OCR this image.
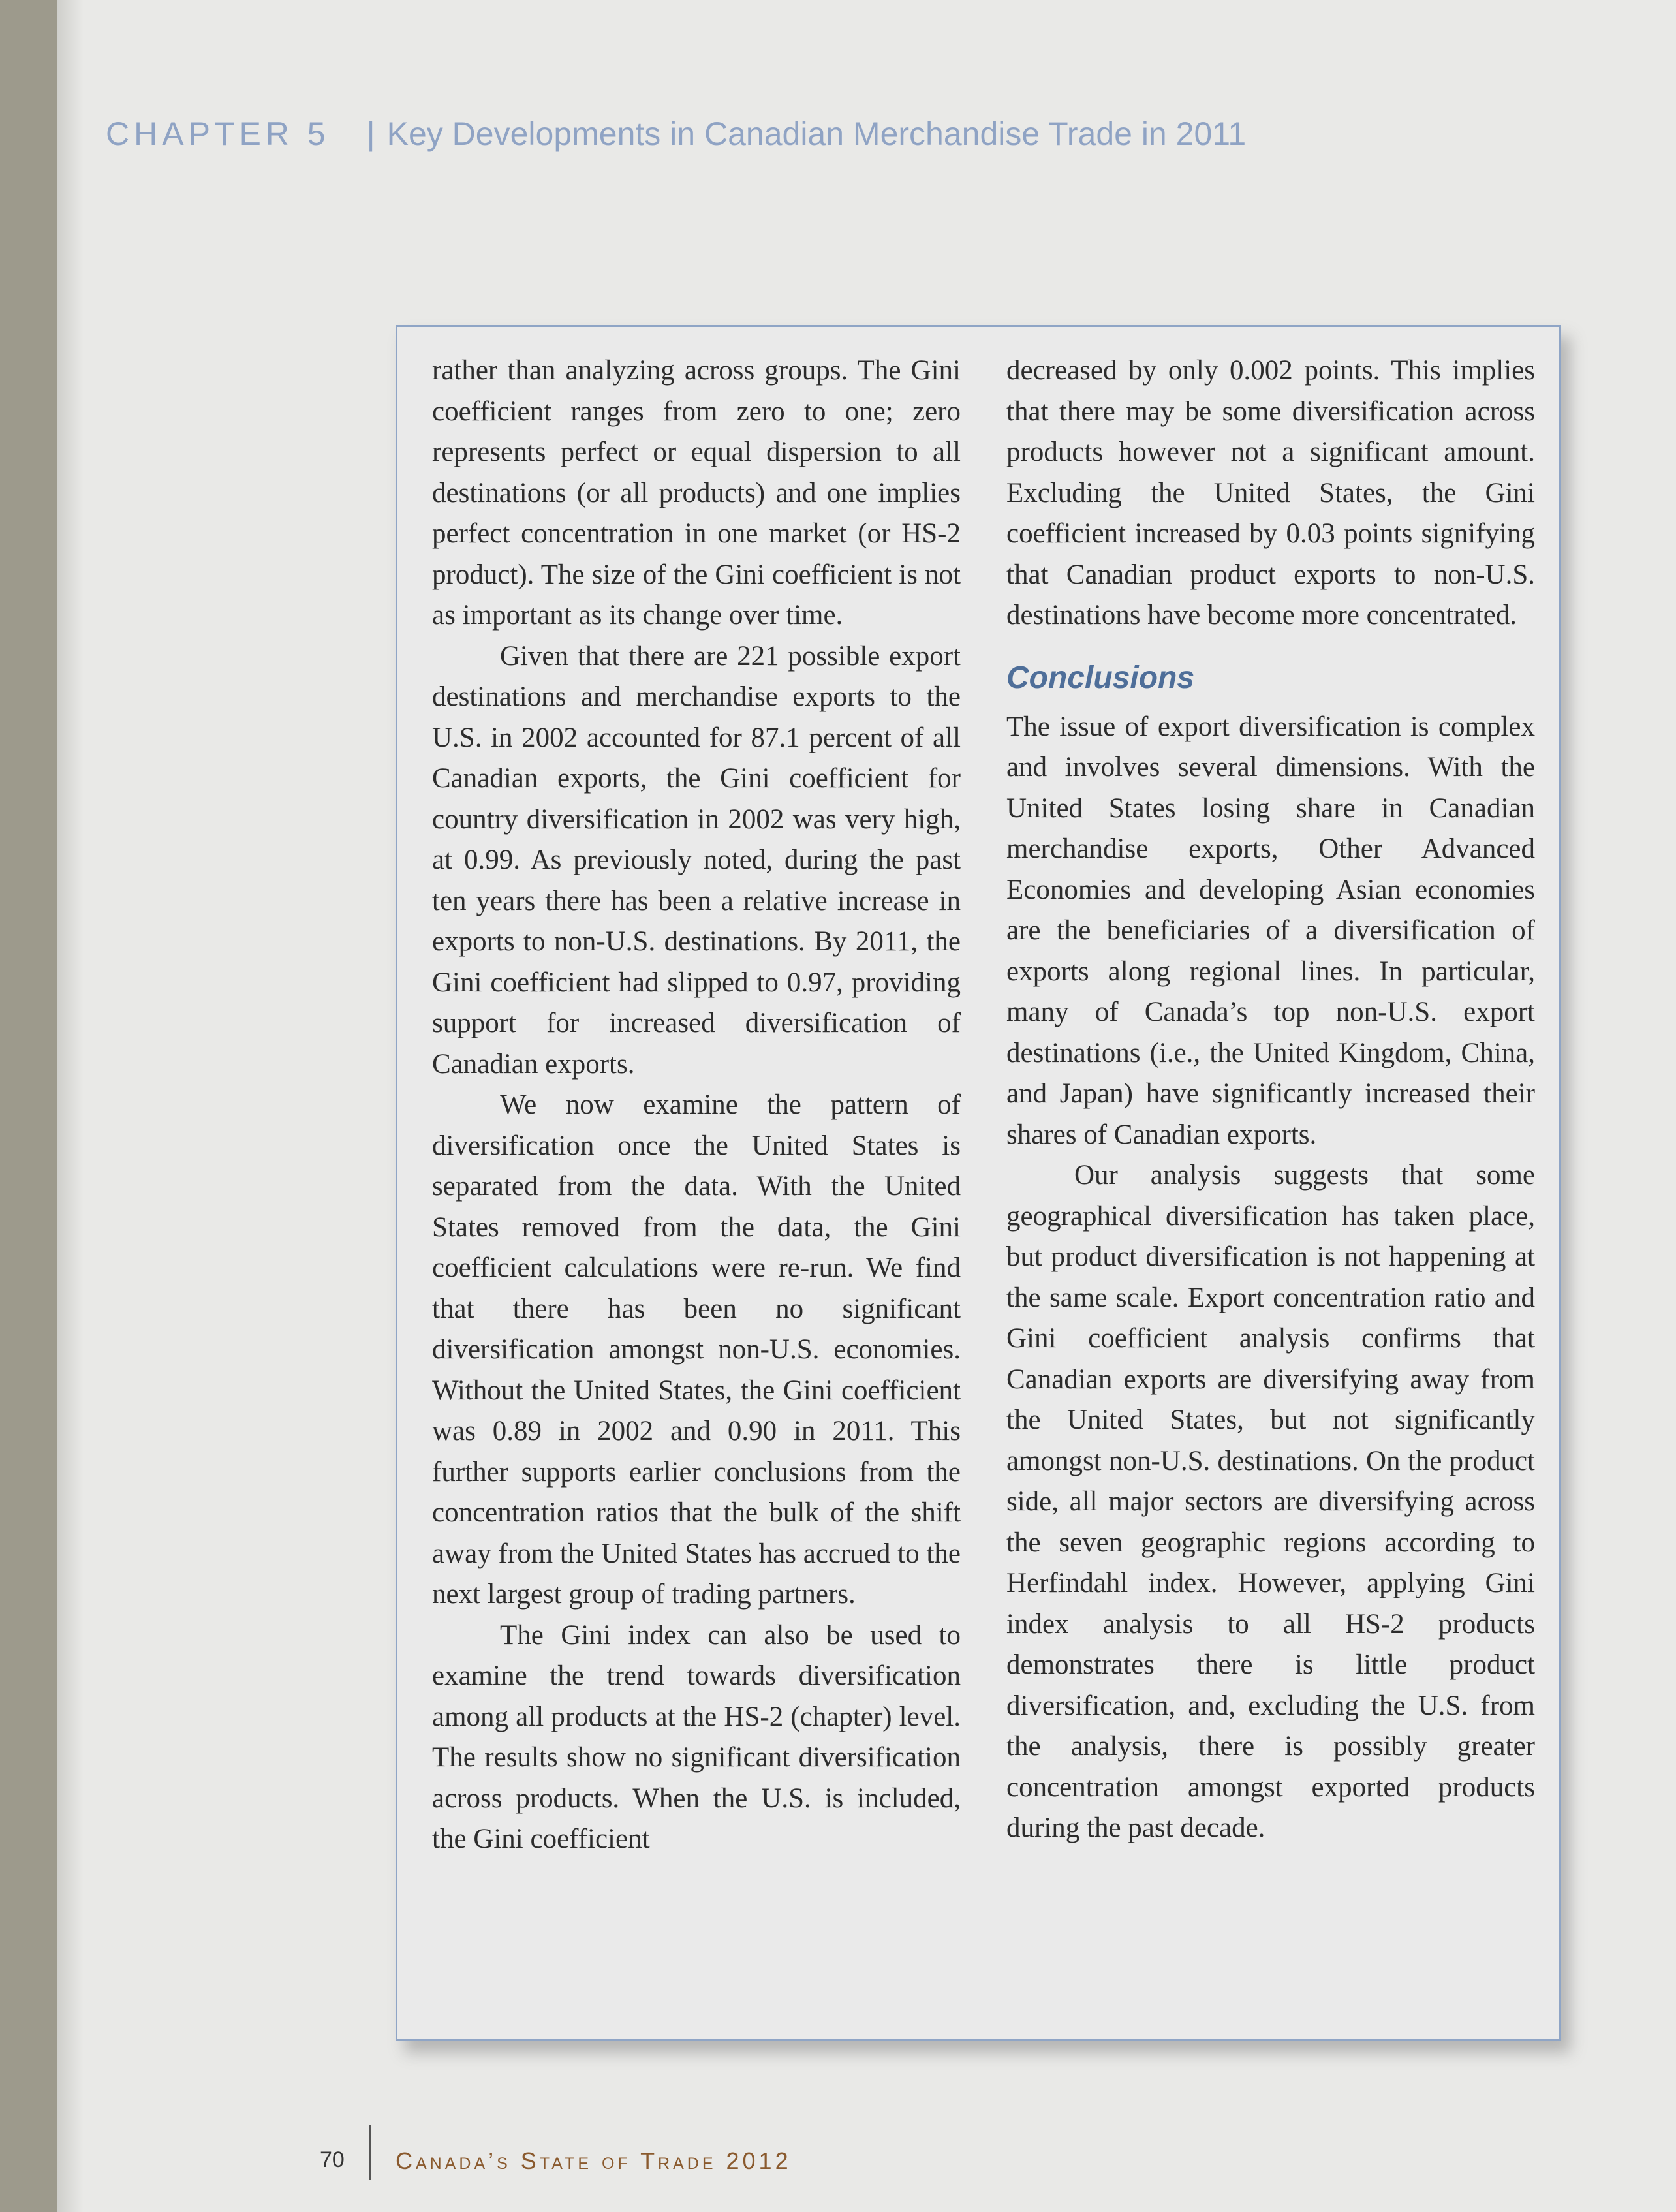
CHAPTER 5 | Key Developments in Canadian Merchandise Trade in 2011

rather than analyzing across groups. The Gini coefficient ranges from zero to one; zero represents perfect or equal dispersion to all destinations (or all products) and one implies perfect concentration in one market (or HS-2 product). The size of the Gini coefficient is not as important as its change over time.

Given that there are 221 possible export destinations and merchandise exports to the U.S. in 2002 accounted for 87.1 percent of all Canadian exports, the Gini coefficient for country diversification in 2002 was very high, at 0.99. As previously noted, during the past ten years there has been a relative increase in exports to non-U.S. destinations. By 2011, the Gini coefficient had slipped to 0.97, providing support for increased diversification of Canadian exports.

We now examine the pattern of diversification once the United States is separated from the data. With the United States removed from the data, the Gini coefficient calculations were re-run. We find that there has been no significant diversification amongst non-U.S. economies. Without the United States, the Gini coefficient was 0.89 in 2002 and 0.90 in 2011. This further supports earlier conclusions from the concentration ratios that the bulk of the shift away from the United States has accrued to the next largest group of trading partners.

The Gini index can also be used to examine the trend towards diversification among all products at the HS-2 (chapter) level. The results show no significant diversification across products. When the U.S. is included, the Gini coefficient

decreased by only 0.002 points. This implies that there may be some diversification across products however not a significant amount. Excluding the United States, the Gini coefficient increased by 0.03 points signifying that Canadian product exports to non-U.S. destinations have become more concentrated.

Conclusions

The issue of export diversification is complex and involves several dimensions. With the United States losing share in Canadian merchandise exports, Other Advanced Economies and developing Asian economies are the beneficiaries of a diversification of exports along regional lines. In particular, many of Canada’s top non-U.S. export destinations (i.e., the United Kingdom, China, and Japan) have significantly increased their shares of Canadian exports.

Our analysis suggests that some geographical diversification has taken place, but product diversification is not happening at the same scale. Export concentration ratio and Gini coefficient analysis confirms that Canadian exports are diversifying away from the United States, but not significantly amongst non-U.S. destinations. On the product side, all major sectors are diversifying across the seven geographic regions according to Herfindahl index. However, applying Gini index analysis to all HS-2 products demonstrates there is little product diversification, and, excluding the U.S. from the analysis, there is possibly greater concentration amongst exported products during the past decade.

70 Canada’s State of Trade 2012
